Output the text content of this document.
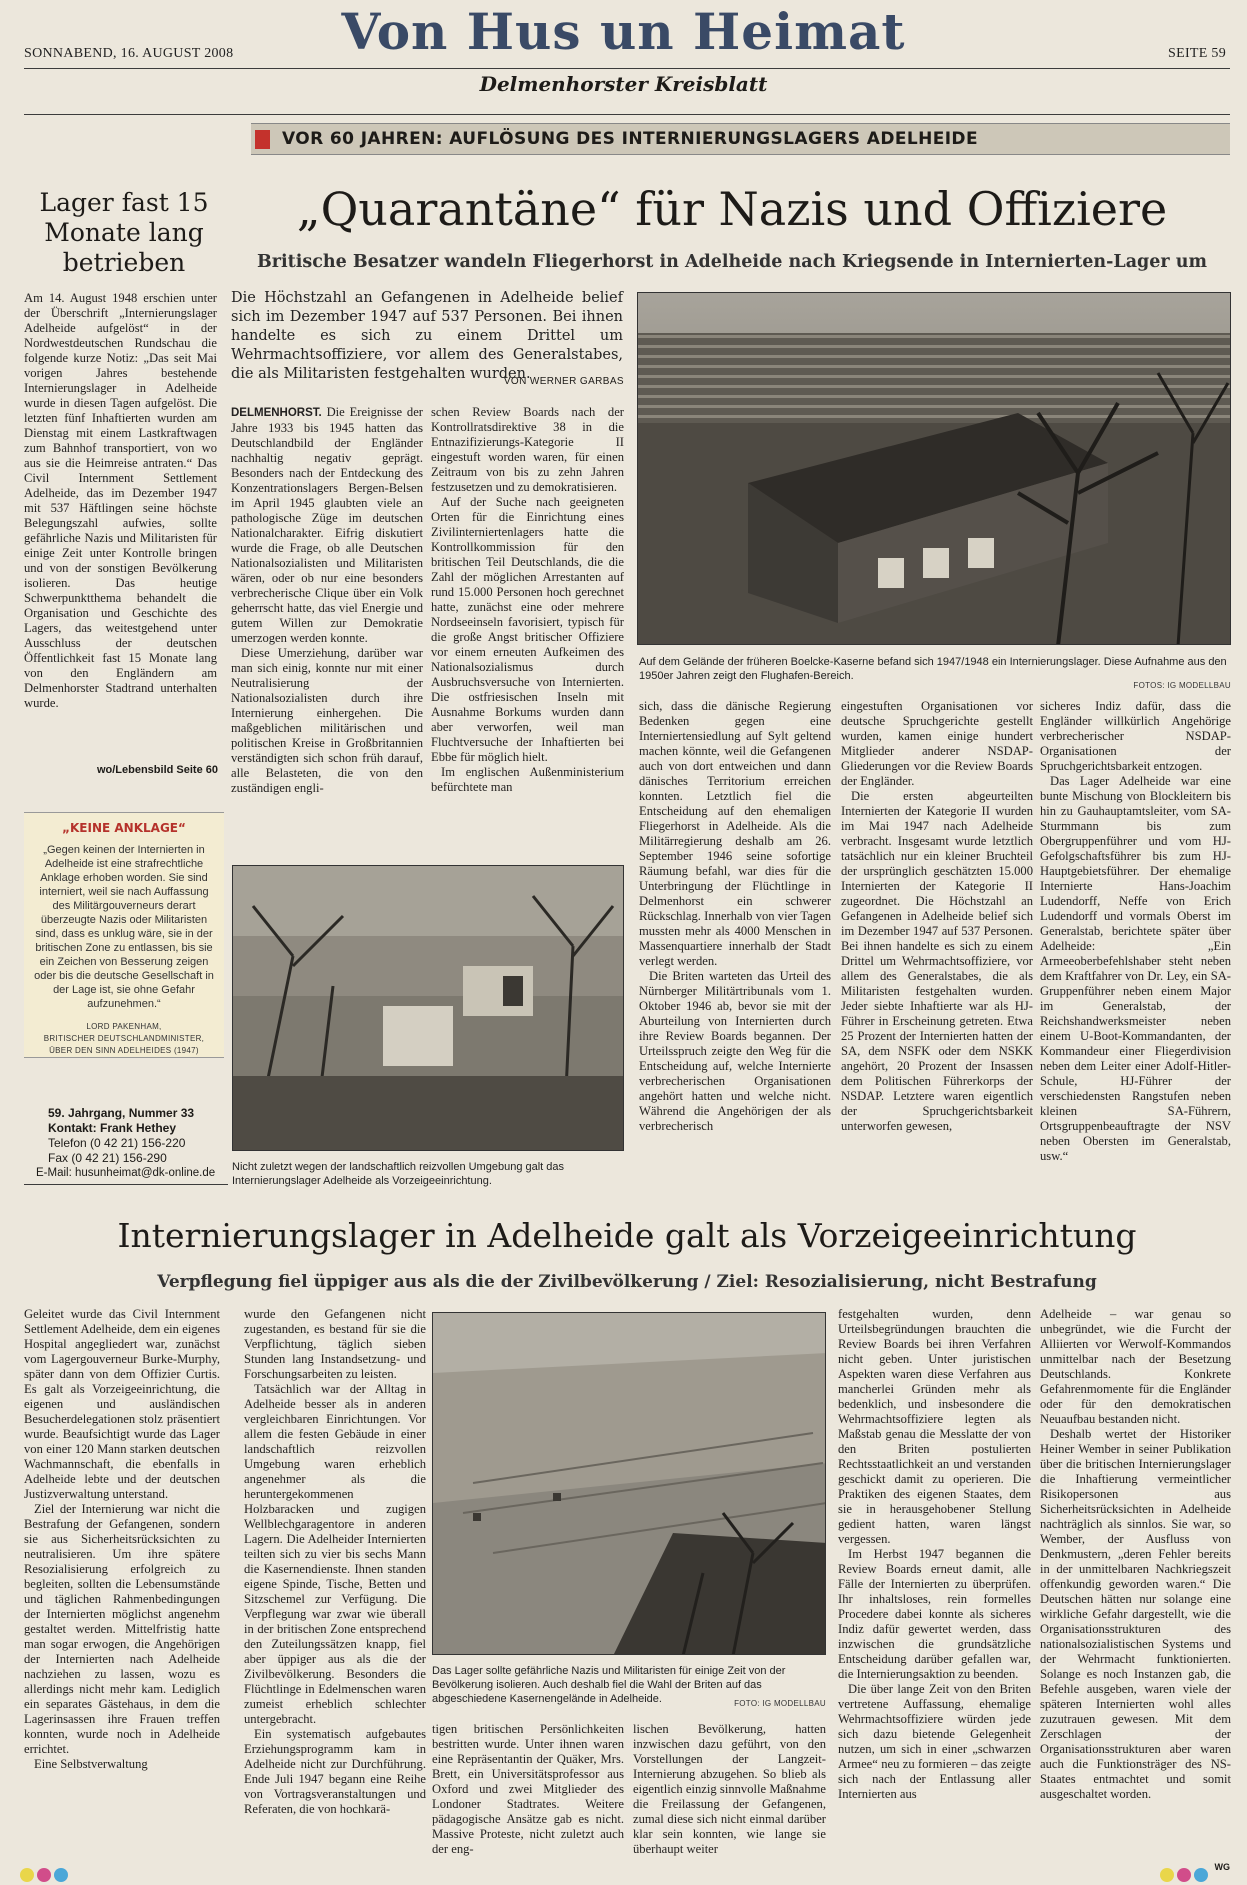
SONNABEND, 16. AUGUST 2008	Von Hus un Heimat	SEITE 59
Delmenhorster Kreisblatt
VOR 60 JAHREN: AUFLÖSUNG DES INTERNIERUNGSLAGERS ADELHEIDE
Lager fast 15 Monate lang betrieben

Am 14. August 1948 erschien unter der Überschrift „Internierungslager Adelheide aufgelöst“ in der Nordwestdeutschen Rundschau die folgende kurze Notiz: „Das seit Mai vorigen Jahres bestehende Internierungslager in Adelheide wurde in diesen Tagen aufgelöst. Die letzten fünf Inhaftierten wurden am Dienstag mit einem Lastkraftwagen zum Bahnhof transportiert, von wo aus sie die Heimreise antraten.“ Das Civil Internment Settlement Adelheide, das im Dezember 1947 mit 537 Häftlingen seine höchste Belegungszahl aufwies, sollte gefährliche Nazis und Militaristen für einige Zeit unter Kontrolle bringen und von der sonstigen Bevölkerung isolieren. Das heutige Schwerpunktthema behandelt die Organisation und Geschichte des Lagers, das weitestgehend unter Ausschluss der deutschen Öffentlichkeit fast 15 Monate lang von den Engländern am Delmenhorster Stadtrand unterhalten wurde.

wo/Lebensbild Seite 60
„KEINE ANKLAGE“
„Gegen keinen der Internierten in Adelheide ist eine strafrechtliche Anklage erhoben worden. Sie sind interniert, weil sie nach Auffassung des Militärgouverneurs derart überzeugte Nazis oder Militaristen sind, dass es unklug wäre, sie in der britischen Zone zu entlassen, bis sie ein Zeichen von Besserung zeigen oder bis die deutsche Gesellschaft in der Lage ist, sie ohne Gefahr aufzunehmen.“
LORD PAKENHAM,
BRITISCHER DEUTSCHLANDMINISTER,
ÜBER DEN SINN ADELHEIDES (1947)
59. Jahrgang, Nummer 33
Kontakt: Frank Hethey
Telefon (0 42 21) 156-220
Fax (0 42 21) 156-290
E-Mail: husunheimat@dk-online.de
„Quarantäne“ für Nazis und Offiziere
Britische Besatzer wandeln Fliegerhorst in Adelheide nach Kriegsende in Internierten-Lager um
Die Höchstzahl an Gefangenen in Adelheide belief sich im Dezember 1947 auf 537 Personen. Bei ihnen handelte es sich zu einem Drittel um Wehrmachtsoffiziere, vor allem des Generalstabes, die als Militaristen festgehalten wurden.
VON WERNER GARBAS

DELMENHORST. Die Ereignisse der Jahre 1933 bis 1945 hatten das Deutschlandbild der Engländer nachhaltig negativ geprägt. Besonders nach der Entdeckung des Konzentrationslagers Bergen-Belsen im April 1945 glaubten viele an pathologische Züge im deutschen Nationalcharakter. Eifrig diskutiert wurde die Frage, ob alle Deutschen Nationalsozialisten und Militaristen wären, oder ob nur eine besonders verbrecherische Clique über ein Volk geherrscht hatte, das viel Energie und gutem Willen zur Demokratie umerzogen werden konnte.

Diese Umerziehung, darüber war man sich einig, konnte nur mit einer Neutralisierung der Nationalsozialisten durch ihre Internierung einhergehen. Die maßgeblichen militärischen und politischen Kreise in Großbritannien verständigten sich schon früh darauf, alle Belasteten, die von den zuständigen engli-

schen Review Boards nach der Kontrollratsdirektive 38 in die Entnazifizierungs-Kategorie II eingestuft worden waren, für einen Zeitraum von bis zu zehn Jahren festzusetzen und zu demokratisieren.

Auf der Suche nach geeigneten Orten für die Einrichtung eines Zivilinterniertenlagers hatte die Kontrollkommission für den britischen Teil Deutschlands, die die Zahl der möglichen Arrestanten auf rund 15.000 Personen hoch gerechnet hatte, zunächst eine oder mehrere Nordseeinseln favorisiert, typisch für die große Angst britischer Offiziere vor einem erneuten Aufkeimen des Nationalsozialismus durch Ausbruchsversuche von Internierten. Die ostfriesischen Inseln mit Ausnahme Borkums wurden dann aber verworfen, weil man Fluchtversuche der Inhaftierten bei Ebbe für möglich hielt.

Im englischen Außenministerium befürchtete man

Auf dem Gelände der früheren Boelcke-Kaserne befand sich 1947/1948 ein Internierungslager. Diese Aufnahme aus den 1950er Jahren zeigt den Flughafen-Bereich.
FOTOS: IG MODELLBAU
Nicht zuletzt wegen der landschaftlich reizvollen Umgebung galt das Internierungslager Adelheide als Vorzeigeeinrichtung.

sich, dass die dänische Regierung Bedenken gegen eine Interniertensiedlung auf Sylt geltend machen könnte, weil die Gefangenen auch von dort entweichen und dann dänisches Territorium erreichen konnten. Letztlich fiel die Entscheidung auf den ehemaligen Fliegerhorst in Adelheide. Als die Militärregierung deshalb am 26. September 1946 seine sofortige Räumung befahl, war dies für die Unterbringung der Flüchtlinge in Delmenhorst ein schwerer Rückschlag. Innerhalb von vier Tagen mussten mehr als 4000 Menschen in Massenquartiere innerhalb der Stadt verlegt werden.

Die Briten warteten das Urteil des Nürnberger Militärtribunals vom 1. Oktober 1946 ab, bevor sie mit der Aburteilung von Internierten durch ihre Review Boards begannen. Der Urteilsspruch zeigte den Weg für die Entscheidung auf, welche Internierte verbrecherischen Organisationen angehört hatten und welche nicht. Während die Angehörigen der als verbrecherisch

eingestuften Organisationen vor deutsche Spruchgerichte gestellt wurden, kamen einige hundert Mitglieder anderer NSDAP-Gliederungen vor die Review Boards der Engländer.

Die ersten abgeurteilten Internierten der Kategorie II wurden im Mai 1947 nach Adelheide verbracht. Insgesamt wurde letztlich tatsächlich nur ein kleiner Bruchteil der ursprünglich geschätzten 15.000 Internierten der Kategorie II zugeordnet. Die Höchstzahl an Gefangenen in Adelheide belief sich im Dezember 1947 auf 537 Personen. Bei ihnen handelte es sich zu einem Drittel um Wehrmachtsoffiziere, vor allem des Generalstabes, die als Militaristen festgehalten wurden. Jeder siebte Inhaftierte war als HJ-Führer in Erscheinung getreten. Etwa 25 Prozent der Internierten hatten der SA, dem NSFK oder dem NSKK angehört, 20 Prozent der Insassen dem Politischen Führerkorps der NSDAP. Letztere waren eigentlich der Spruchgerichtsbarkeit unterworfen gewesen,

sicheres Indiz dafür, dass die Engländer willkürlich Angehörige verbrecherischer NSDAP-Organisationen der Spruchgerichtsbarkeit entzogen.

Das Lager Adelheide war eine bunte Mischung von Blockleitern bis hin zu Gauhauptamtsleiter, vom SA-Sturmmann bis zum Obergruppenführer und vom HJ-Gefolgschaftsführer bis zum HJ-Hauptgebietsführer. Der ehemalige Internierte Hans-Joachim Ludendorff, Neffe von Erich Ludendorff und vormals Oberst im Generalstab, berichtete später über Adelheide: „Ein Armeeoberbefehlshaber steht neben dem Kraftfahrer von Dr. Ley, ein SA-Gruppenführer neben einem Major im Generalstab, der Reichshandwerksmeister neben einem U-Boot-Kommandanten, der Kommandeur einer Fliegerdivision neben dem Leiter einer Adolf-Hitler-Schule, HJ-Führer der verschiedensten Rangstufen neben kleinen SA-Führern, Ortsgruppenbeauftragte der NSV neben Obersten im Generalstab, usw.“

Internierungslager in Adelheide galt als Vorzeigeeinrichtung
Verpflegung fiel üppiger aus als die der Zivilbevölkerung / Ziel: Resozialisierung, nicht Bestrafung

Geleitet wurde das Civil Internment Settlement Adelheide, dem ein eigenes Hospital angegliedert war, zunächst vom Lagergouverneur Burke-Murphy, später dann von dem Offizier Curtis. Es galt als Vorzeigeeinrichtung, die eigenen und ausländischen Besucherdelegationen stolz präsentiert wurde. Beaufsichtigt wurde das Lager von einer 120 Mann starken deutschen Wachmannschaft, die ebenfalls in Adelheide lebte und der deutschen Justizverwaltung unterstand.

Ziel der Internierung war nicht die Bestrafung der Gefangenen, sondern sie aus Sicherheitsrücksichten zu neutralisieren. Um ihre spätere Resozialisierung erfolgreich zu begleiten, sollten die Lebensumstände und täglichen Rahmenbedingungen der Internierten möglichst angenehm gestaltet werden. Mittelfristig hatte man sogar erwogen, die Angehörigen der Internierten nach Adelheide nachziehen zu lassen, wozu es allerdings nicht mehr kam. Lediglich ein separates Gästehaus, in dem die Lagerinsassen ihre Frauen treffen konnten, wurde noch in Adelheide errichtet.

Eine Selbstverwaltung

wurde den Gefangenen nicht zugestanden, es bestand für sie die Verpflichtung, täglich sieben Stunden lang Instandsetzung- und Forschungsarbeiten zu leisten.

Tatsächlich war der Alltag in Adelheide besser als in anderen vergleichbaren Einrichtungen. Vor allem die festen Gebäude in einer landschaftlich reizvollen Umgebung waren erheblich angenehmer als die heruntergekommenen Holzbaracken und zugigen Wellblechgaragentore in anderen Lagern. Die Adelheider Internierten teilten sich zu vier bis sechs Mann die Kasernendienste. Ihnen standen eigene Spinde, Tische, Betten und Sitzschemel zur Verfügung. Die Verpflegung war zwar wie überall in der britischen Zone entsprechend den Zuteilungssätzen knapp, fiel aber üppiger aus als die der Zivilbevölkerung. Besonders die Flüchtlinge in Edelmenschen waren zumeist erheblich schlechter untergebracht.

Ein systematisch aufgebautes Erziehungsprogramm kam in Adelheide nicht zur Durchführung. Ende Juli 1947 begann eine Reihe von Vortragsveranstaltungen und Referaten, die von hochkarä-

Das Lager sollte gefährliche Nazis und Militaristen für einige Zeit von der Bevölkerung isolieren. Auch deshalb fiel die Wahl der Briten auf das abgeschiedene Kasernengelände in Adelheide.	FOTO: IG MODELLBAU

tigen britischen Persönlichkeiten bestritten wurde. Unter ihnen waren eine Repräsentantin der Quäker, Mrs. Brett, ein Universitätsprofessor aus Oxford und zwei Mitglieder des Londoner Stadtrates. Weitere pädagogische Ansätze gab es nicht. Massive Proteste, nicht zuletzt auch der eng-

lischen Bevölkerung, hatten inzwischen dazu geführt, von den Vorstellungen der Langzeit-Internierung abzugehen. So blieb als eigentlich einzig sinnvolle Maßnahme die Freilassung der Gefangenen, zumal diese sich nicht einmal darüber klar sein konnten, wie lange sie überhaupt weiter

festgehalten wurden, denn Urteilsbegründungen brauchten die Review Boards bei ihren Verfahren nicht geben. Unter juristischen Aspekten waren diese Verfahren aus mancherlei Gründen mehr als bedenklich, und insbesondere die Wehrmachtsoffiziere legten als Maßstab genau die Messlatte der von den Briten postulierten Rechtsstaatlichkeit an und verstanden geschickt damit zu operieren. Die Praktiken des eigenen Staates, dem sie in herausgehobener Stellung gedient hatten, waren längst vergessen.

Im Herbst 1947 begannen die Review Boards erneut damit, alle Fälle der Internierten zu überprüfen. Ihr inhaltsloses, rein formelles Procedere dabei konnte als sicheres Indiz dafür gewertet werden, dass inzwischen die grundsätzliche Entscheidung darüber gefallen war, die Internierungsaktion zu beenden.

Die über lange Zeit von den Briten vertretene Auffassung, ehemalige Wehrmachtsoffiziere würden jede sich dazu bietende Gelegenheit nutzen, um sich in einer „schwarzen Armee“ neu zu formieren – das zeigte sich nach der Entlassung aller Internierten aus

Adelheide – war genau so unbegründet, wie die Furcht der Alliierten vor Werwolf-Kommandos unmittelbar nach der Besetzung Deutschlands. Konkrete Gefahrenmomente für die Engländer oder für den demokratischen Neuaufbau bestanden nicht.

Deshalb wertet der Historiker Heiner Wember in seiner Publikation über die britischen Internierungslager die Inhaftierung vermeintlicher Risikopersonen aus Sicherheitsrücksichten in Adelheide nachträglich als sinnlos. Sie war, so Wember, der Ausfluss von Denkmustern, „deren Fehler bereits in der unmittelbaren Nachkriegszeit offenkundig geworden waren.“ Die Deutschen hätten nur solange eine wirkliche Gefahr dargestellt, wie die Organisationsstrukturen des nationalsozialistischen Systems und der Wehrmacht funktionierten. Solange es noch Instanzen gab, die Befehle ausgeben, waren viele der späteren Internierten wohl alles zuzutrauen gewesen. Mit dem Zerschlagen der Organisationsstrukturen aber waren auch die Funktionsträger des NS-Staates entmachtet und somit ausgeschaltet worden.

WG
